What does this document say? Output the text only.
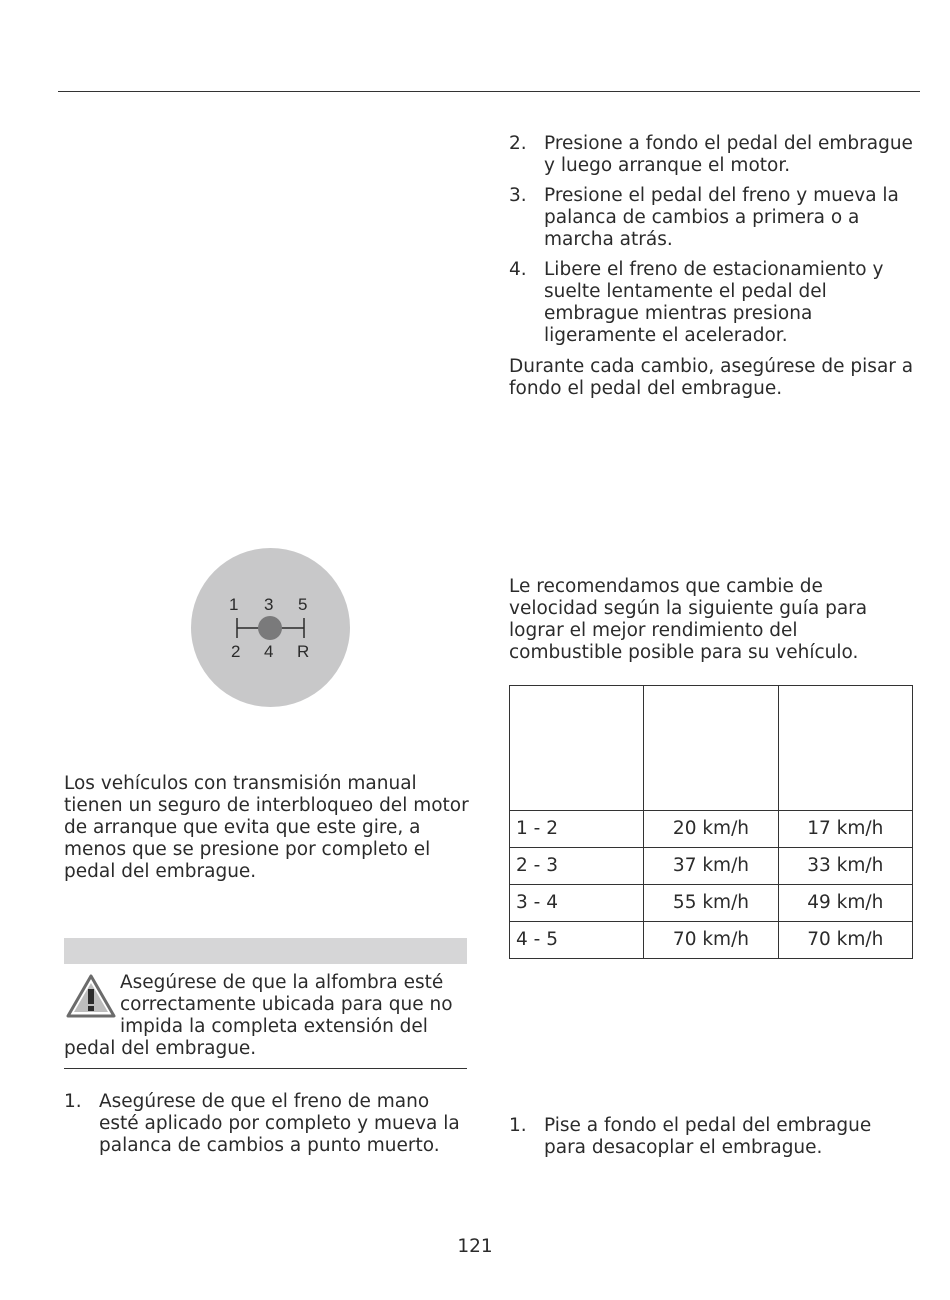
2. Presione a fondo el pedal del embrague y luego arranque el motor.
3. Presione el pedal del freno y mueva la palanca de cambios a primera o a marcha atrás.
4. Libere el freno de estacionamiento y suelte lentamente el pedal del embrague mientras presiona ligeramente el acelerador.

Durante cada cambio, asegúrese de pisar a fondo el pedal del embrague.

1 3 5
2 4 R

Le recomendamos que cambie de velocidad según la siguiente guía para lograr el mejor rendimiento del combustible posible para su vehículo.

1 - 2	20 km/h	17 km/h
2 - 3	37 km/h	33 km/h
3 - 4	55 km/h	49 km/h
4 - 5	70 km/h	70 km/h

Los vehículos con transmisión manual tienen un seguro de interbloqueo del motor de arranque que evita que este gire, a menos que se presione por completo el pedal del embrague.

Asegúrese de que la alfombra esté

correctamente ubicada para que no

impida la completa extensión del

pedal del embrague.

1. Asegúrese de que el freno de mano esté aplicado por completo y mueva la palanca de cambios a punto muerto.
1. Pise a fondo el pedal del embrague para desacoplar el embrague.
121
